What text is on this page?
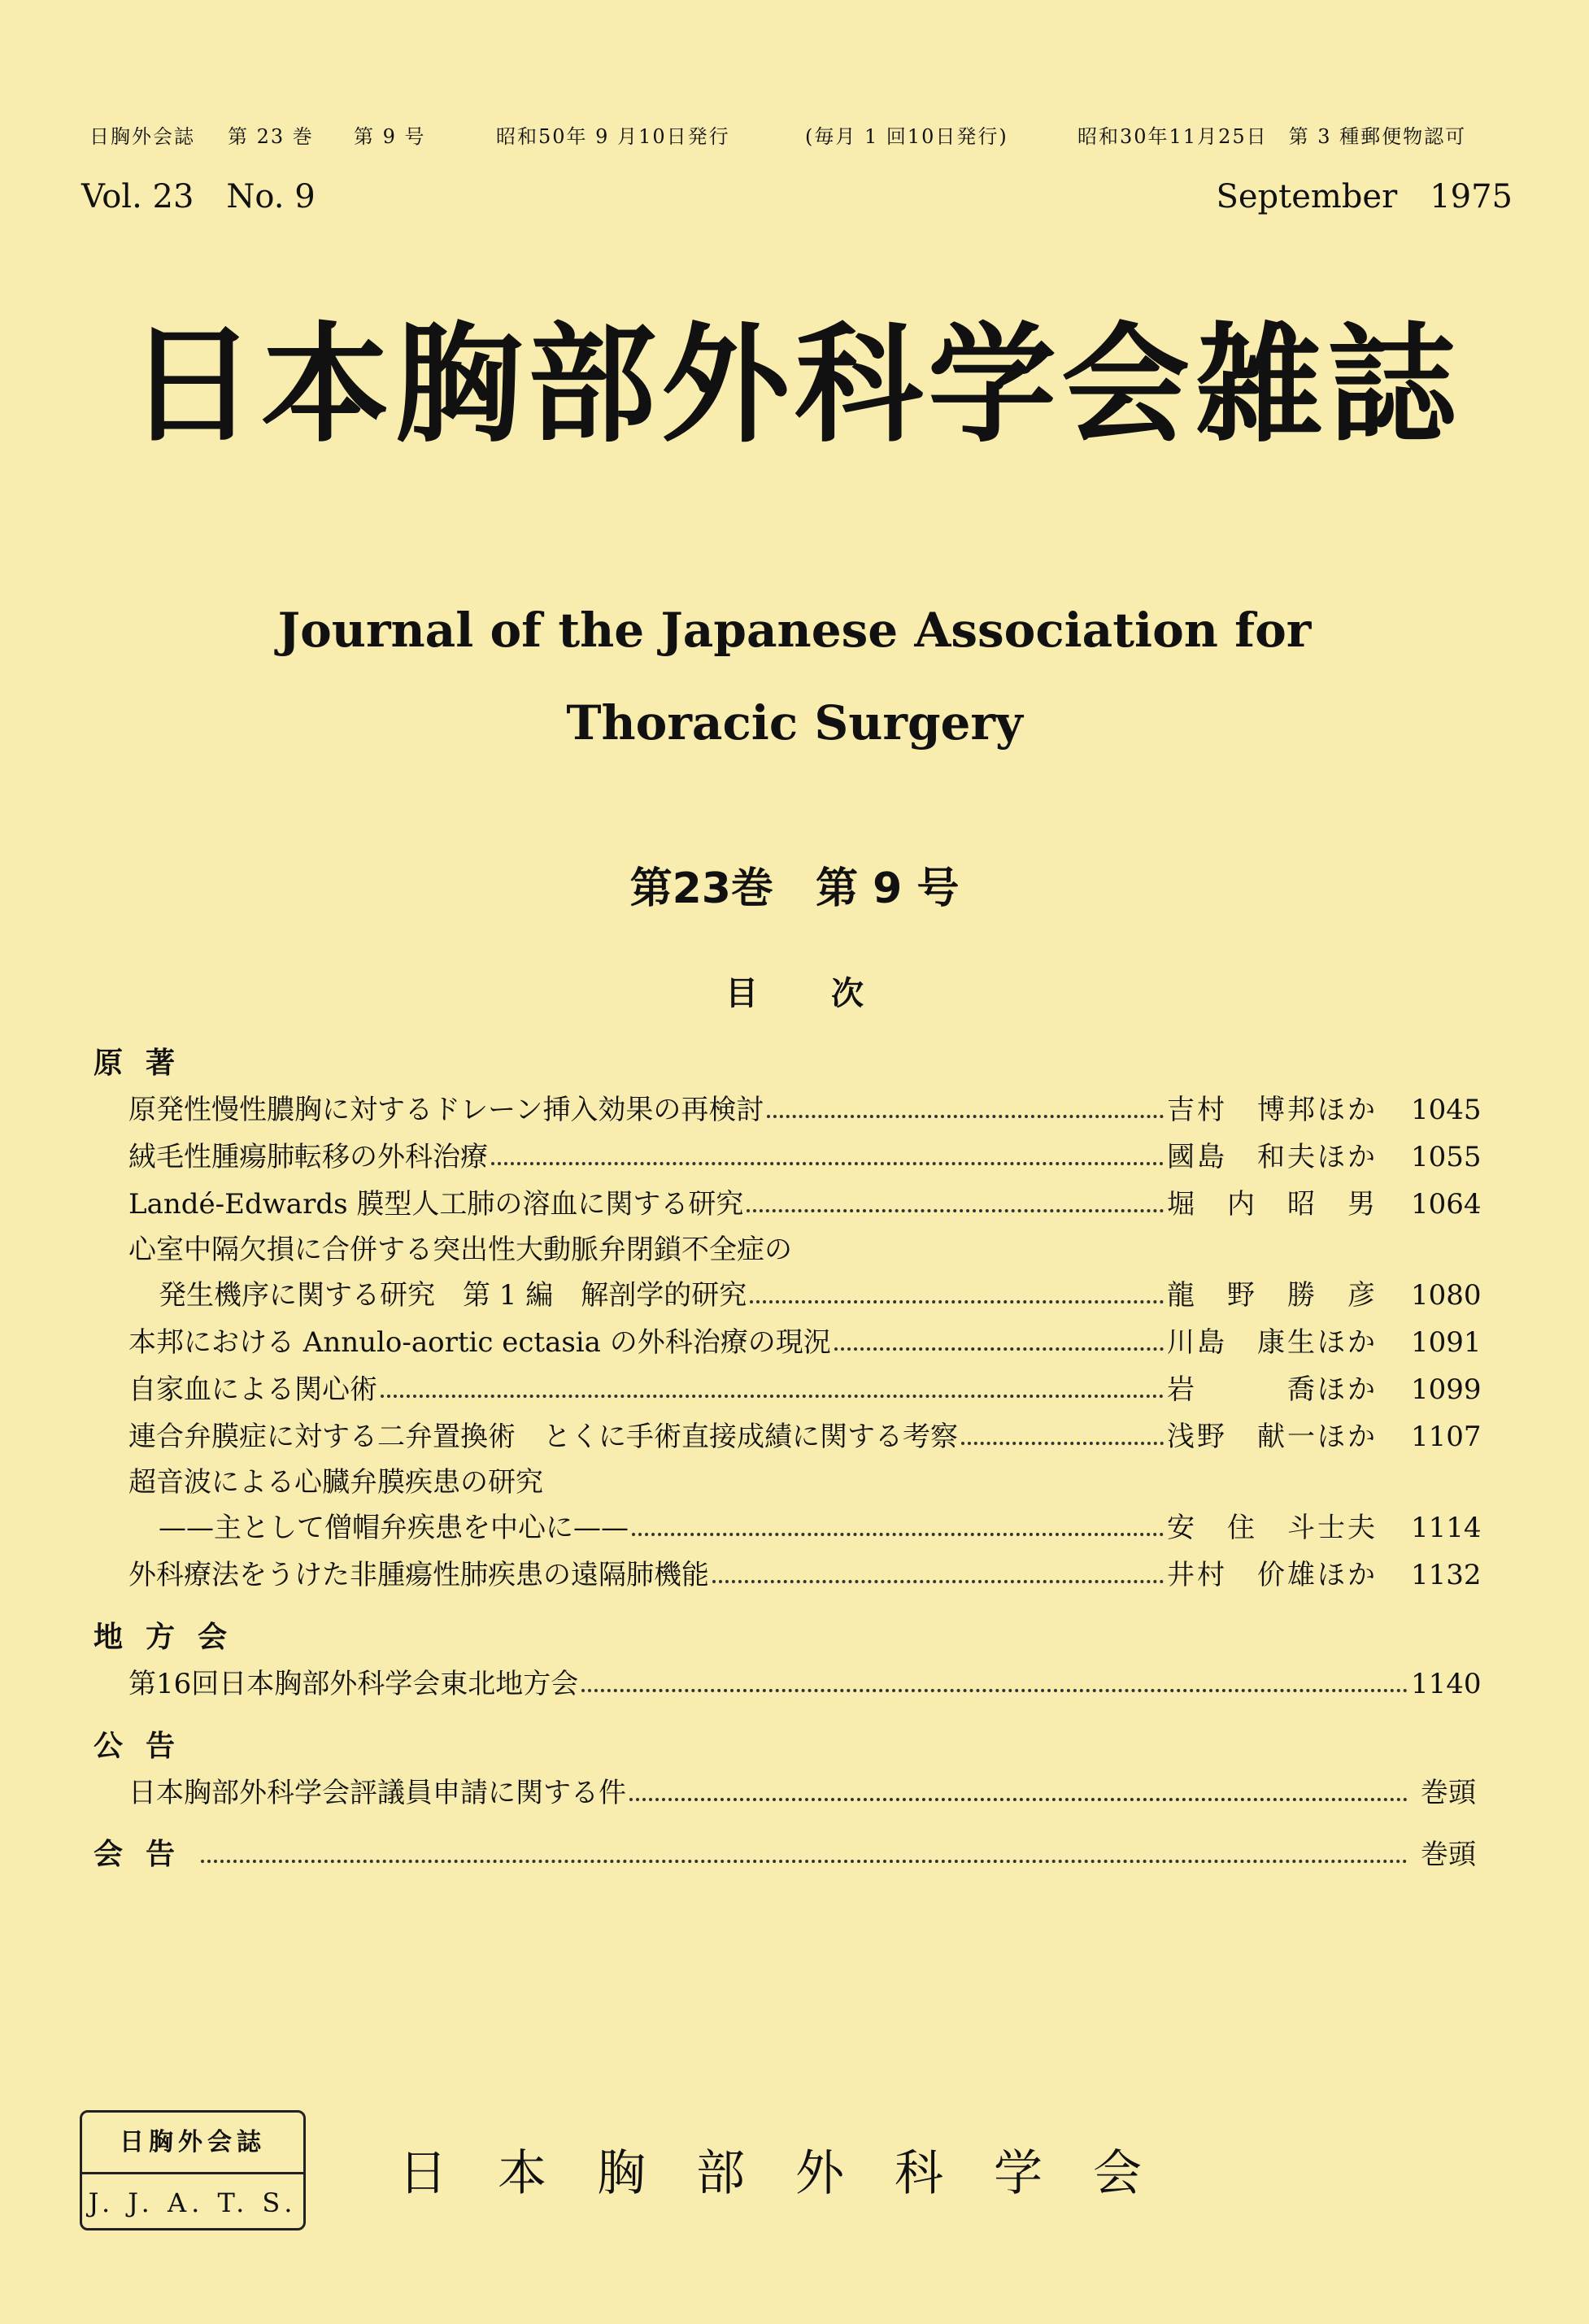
日胸外会誌 第 23 巻 第 9 号	昭和50年 9 月10日発行	(毎月 1 回10日発行)	昭和30年11月25日　第 3 種郵便物認可
Vol. 23　No. 9	September　1975
日本胸部外科学会雑誌
Journal of the Japanese Association for
Thoracic Surgery
第23巻　第 9 号
目次
原著
原発性慢性膿胸に対するドレーン挿入効果の再検討	吉村　博邦ほか	1045
絨毛性腫瘍肺転移の外科治療	國島　和夫ほか	1055
Landé-Edwards 膜型人工肺の溶血に関する研究	堀　内　昭　男	1064
心室中隔欠損に合併する突出性大動脈弁閉鎖不全症の
発生機序に関する研究　第 1 編　解剖学的研究	龍　野　勝　彦	1080
本邦における Annulo-aortic ectasia の外科治療の現況	川島　康生ほか	1091
自家血による関心術	岩　　　喬ほか	1099
連合弁膜症に対する二弁置換術　とくに手術直接成績に関する考察	浅野　献一ほか	1107
超音波による心臓弁膜疾患の研究
——主として僧帽弁疾患を中心に——	安　住　斗士夫	1114
外科療法をうけた非腫瘍性肺疾患の遠隔肺機能	井村　价雄ほか	1132
地方会
第16回日本胸部外科学会東北地方会	1140
公告
日本胸部外科学会評議員申請に関する件	巻頭
会告	巻頭
日胸外会誌
J. J. A. T. S.
日本胸部外科学会
